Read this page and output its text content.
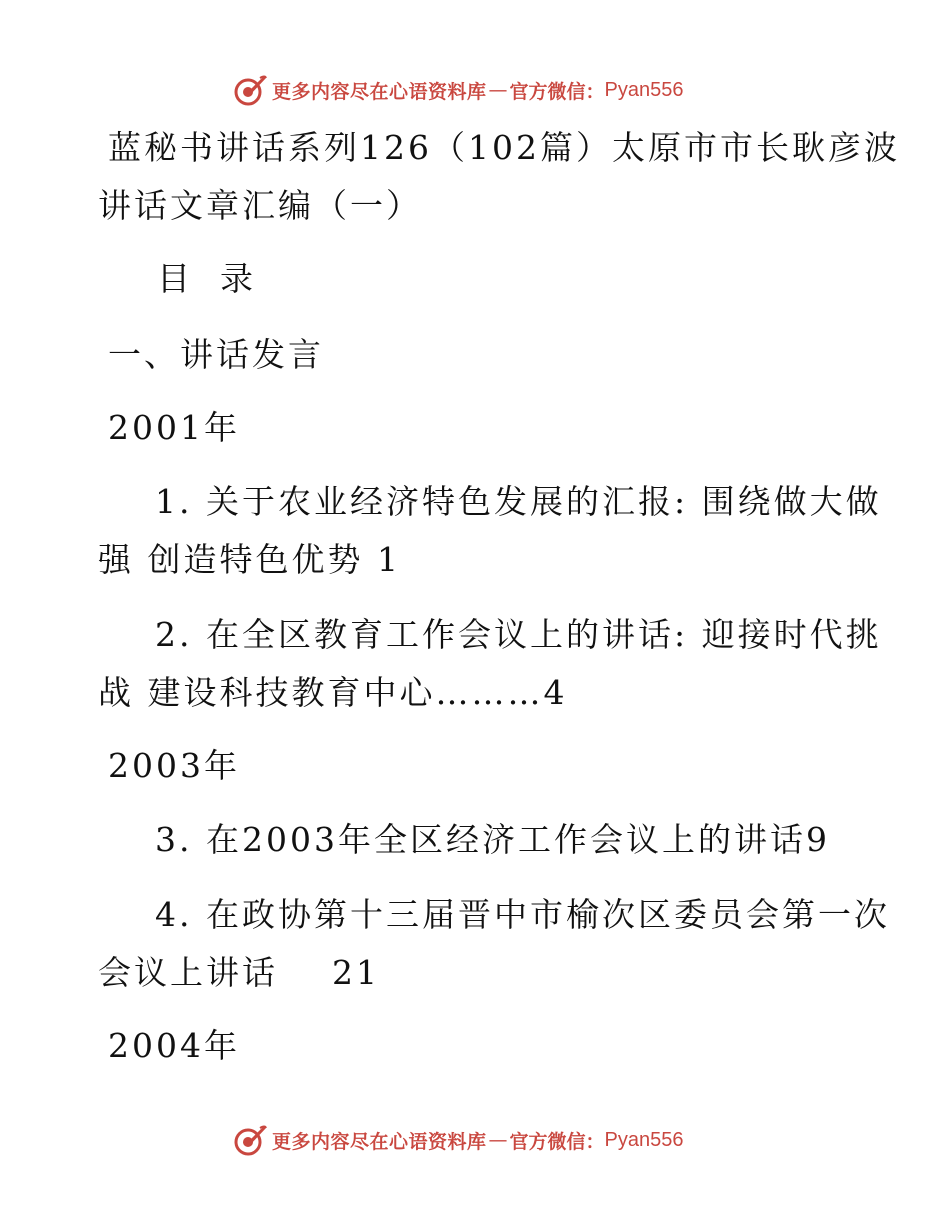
更多内容尽在心语资料库 — 官方微信： Pyan556
蓝秘书讲话系列126（102篇）太原市市长耿彦波
讲话文章汇编（一）
目  录
一、讲话发言
2001年
1. 关于农业经济特色发展的汇报: 围绕做大做
强 创造特色优势 1
2. 在全区教育工作会议上的讲话: 迎接时代挑
战 建设科技教育中心………4
2003年
3. 在2003年全区经济工作会议上的讲话9
4. 在政协第十三届晋中市榆次区委员会第一次
会议上讲话    21
2004年
更多内容尽在心语资料库 — 官方微信： Pyan556
